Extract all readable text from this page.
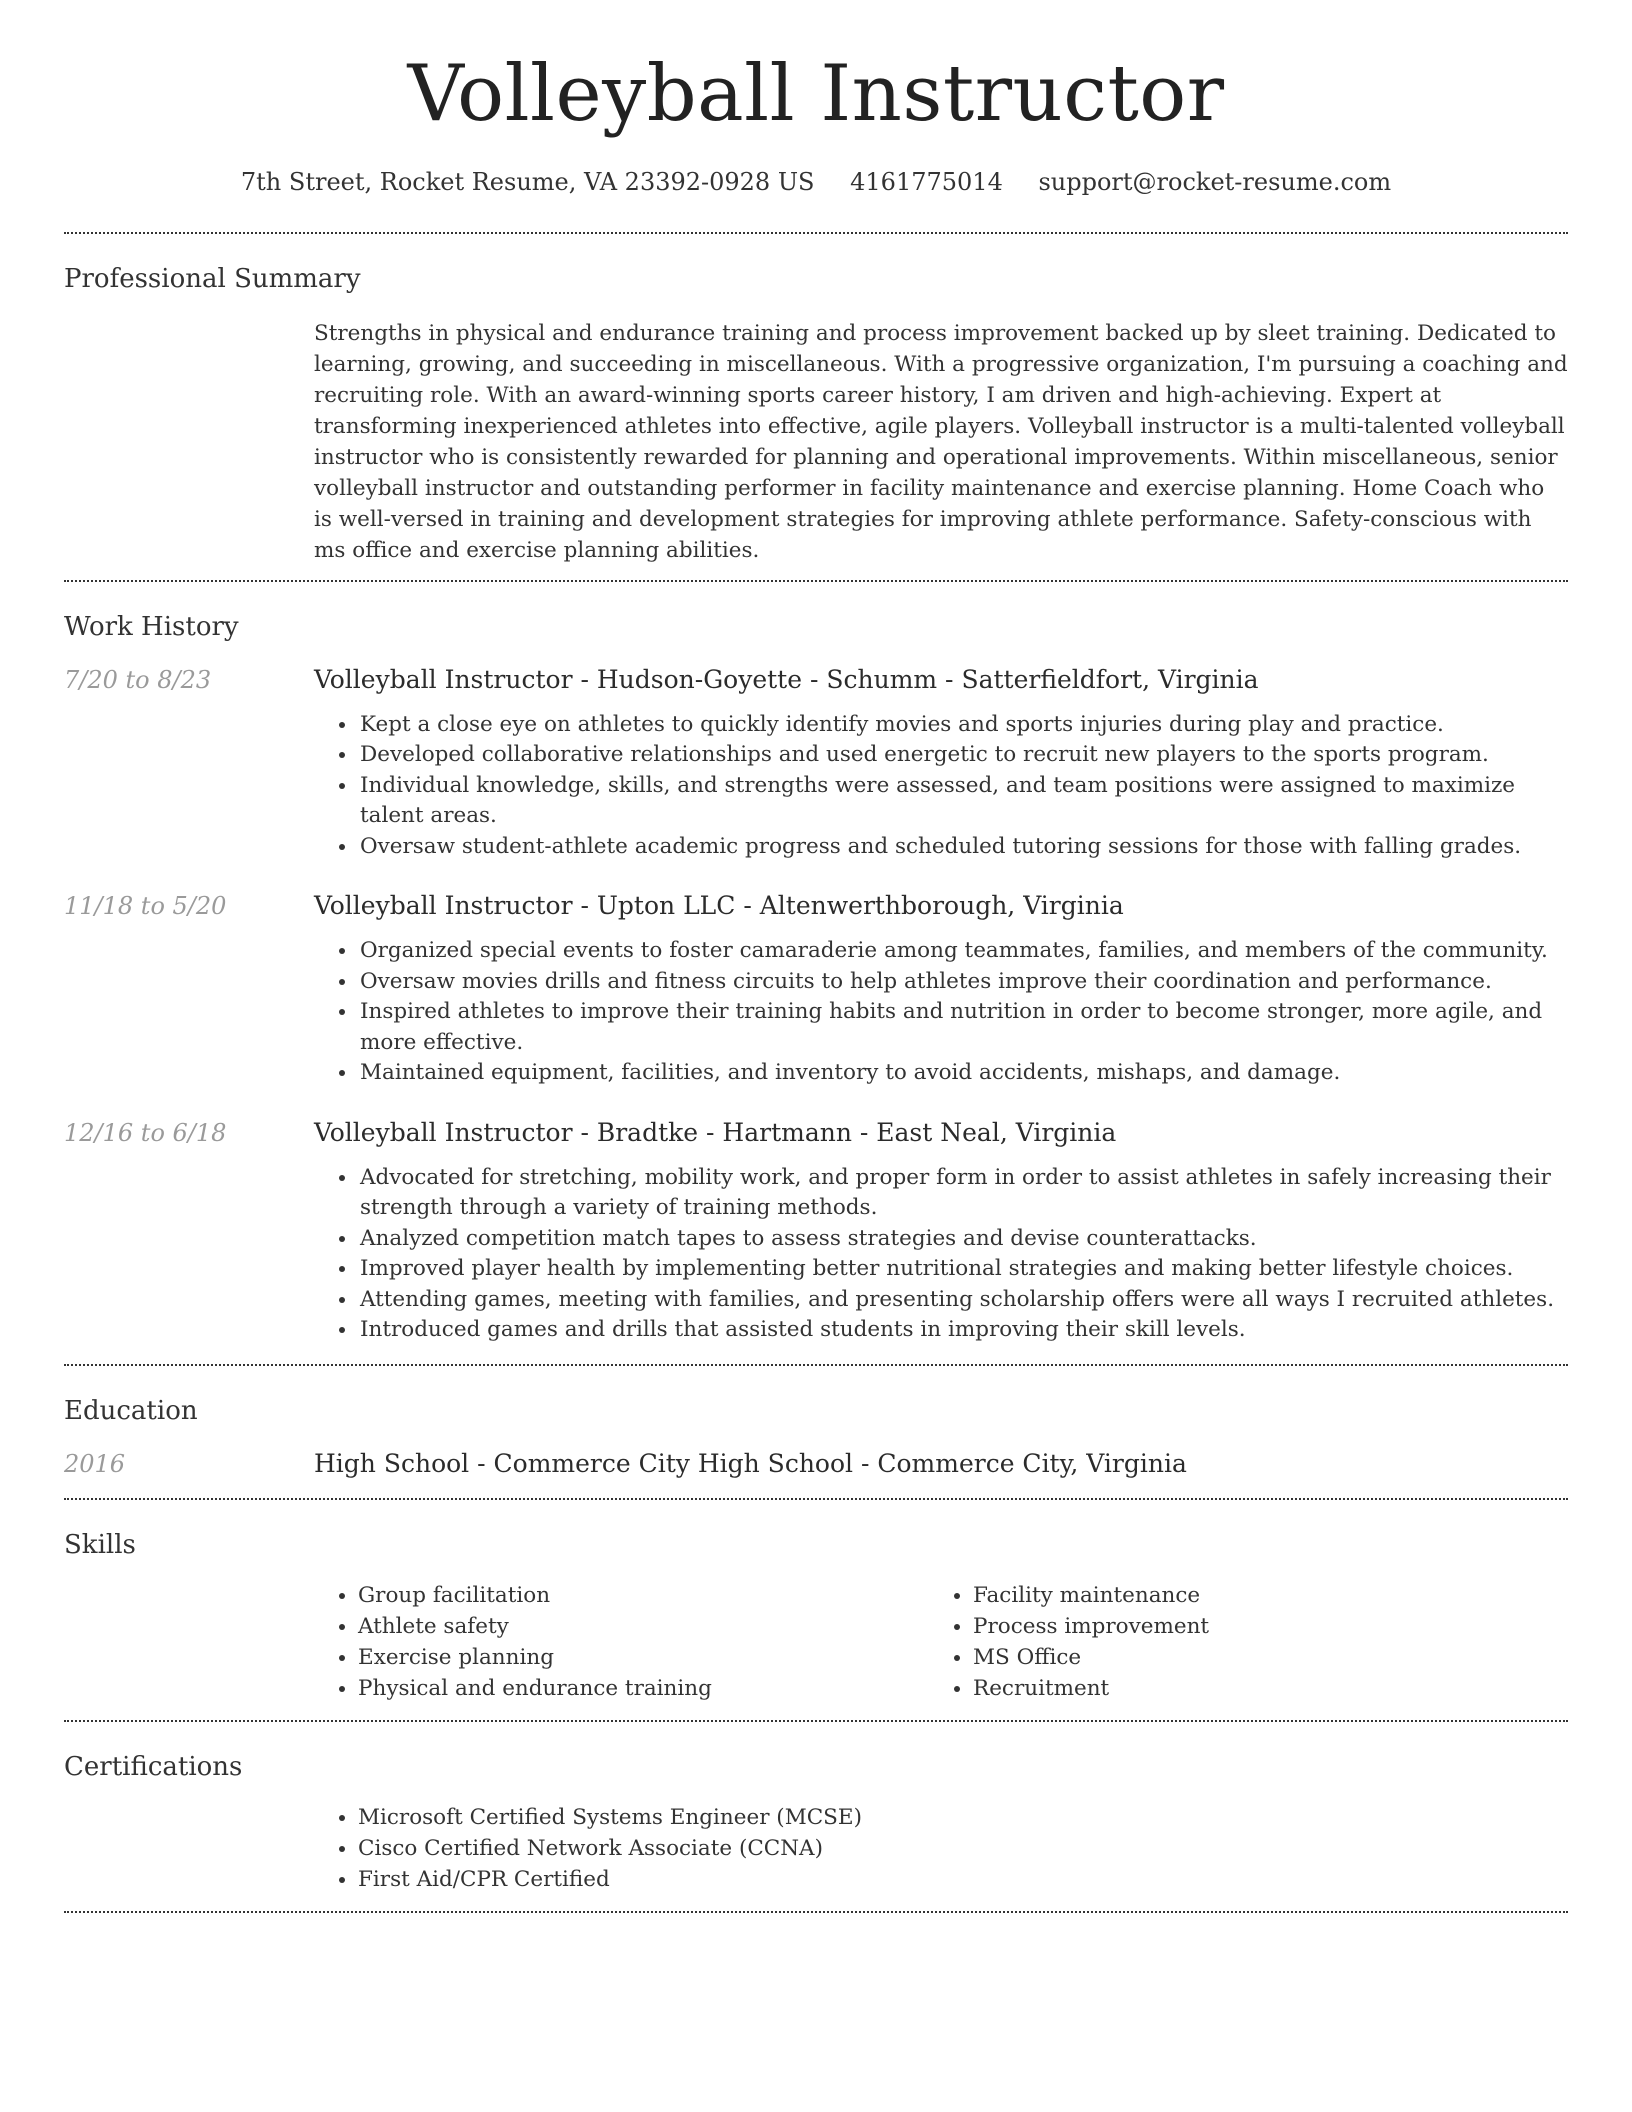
Volleyball Instructor
7th Street, Rocket Resume, VA 23392-0928 US 4161775014 support@rocket-resume.com
Professional Summary
Strengths in physical and endurance training and process improvement backed up by sleet training. Dedicated to learning, growing, and succeeding in miscellaneous. With a progressive organization, I'm pursuing a coaching and recruiting role. With an award-winning sports career history, I am driven and high-achieving. Expert at transforming inexperienced athletes into effective, agile players. Volleyball instructor is a multi-talented volleyball instructor who is consistently rewarded for planning and operational improvements. Within miscellaneous, senior volleyball instructor and outstanding performer in facility maintenance and exercise planning. Home Coach who is well-versed in training and development strategies for improving athlete performance. Safety-conscious with ms office and exercise planning abilities.
Work History
7/20 to 8/23	Volleyball Instructor - Hudson-Goyette - Schumm - Satterfieldfort, Virginia
• Kept a close eye on athletes to quickly identify movies and sports injuries during play and practice.
• Developed collaborative relationships and used energetic to recruit new players to the sports program.
• Individual knowledge, skills, and strengths were assessed, and team positions were assigned to maximize talent areas.
• Oversaw student-athlete academic progress and scheduled tutoring sessions for those with falling grades.
11/18 to 5/20	Volleyball Instructor - Upton LLC - Altenwerthborough, Virginia
• Organized special events to foster camaraderie among teammates, families, and members of the community.
• Oversaw movies drills and fitness circuits to help athletes improve their coordination and performance.
• Inspired athletes to improve their training habits and nutrition in order to become stronger, more agile, and more effective.
• Maintained equipment, facilities, and inventory to avoid accidents, mishaps, and damage.
12/16 to 6/18	Volleyball Instructor - Bradtke - Hartmann - East Neal, Virginia
• Advocated for stretching, mobility work, and proper form in order to assist athletes in safely increasing their strength through a variety of training methods.
• Analyzed competition match tapes to assess strategies and devise counterattacks.
• Improved player health by implementing better nutritional strategies and making better lifestyle choices.
• Attending games, meeting with families, and presenting scholarship offers were all ways I recruited athletes.
• Introduced games and drills that assisted students in improving their skill levels.
Education
2016	High School - Commerce City High School - Commerce City, Virginia
Skills
• Group facilitation
• Athlete safety
• Exercise planning
• Physical and endurance training
• Facility maintenance
• Process improvement
• MS Office
• Recruitment
Certifications
• Microsoft Certified Systems Engineer (MCSE)
• Cisco Certified Network Associate (CCNA)
• First Aid/CPR Certified
